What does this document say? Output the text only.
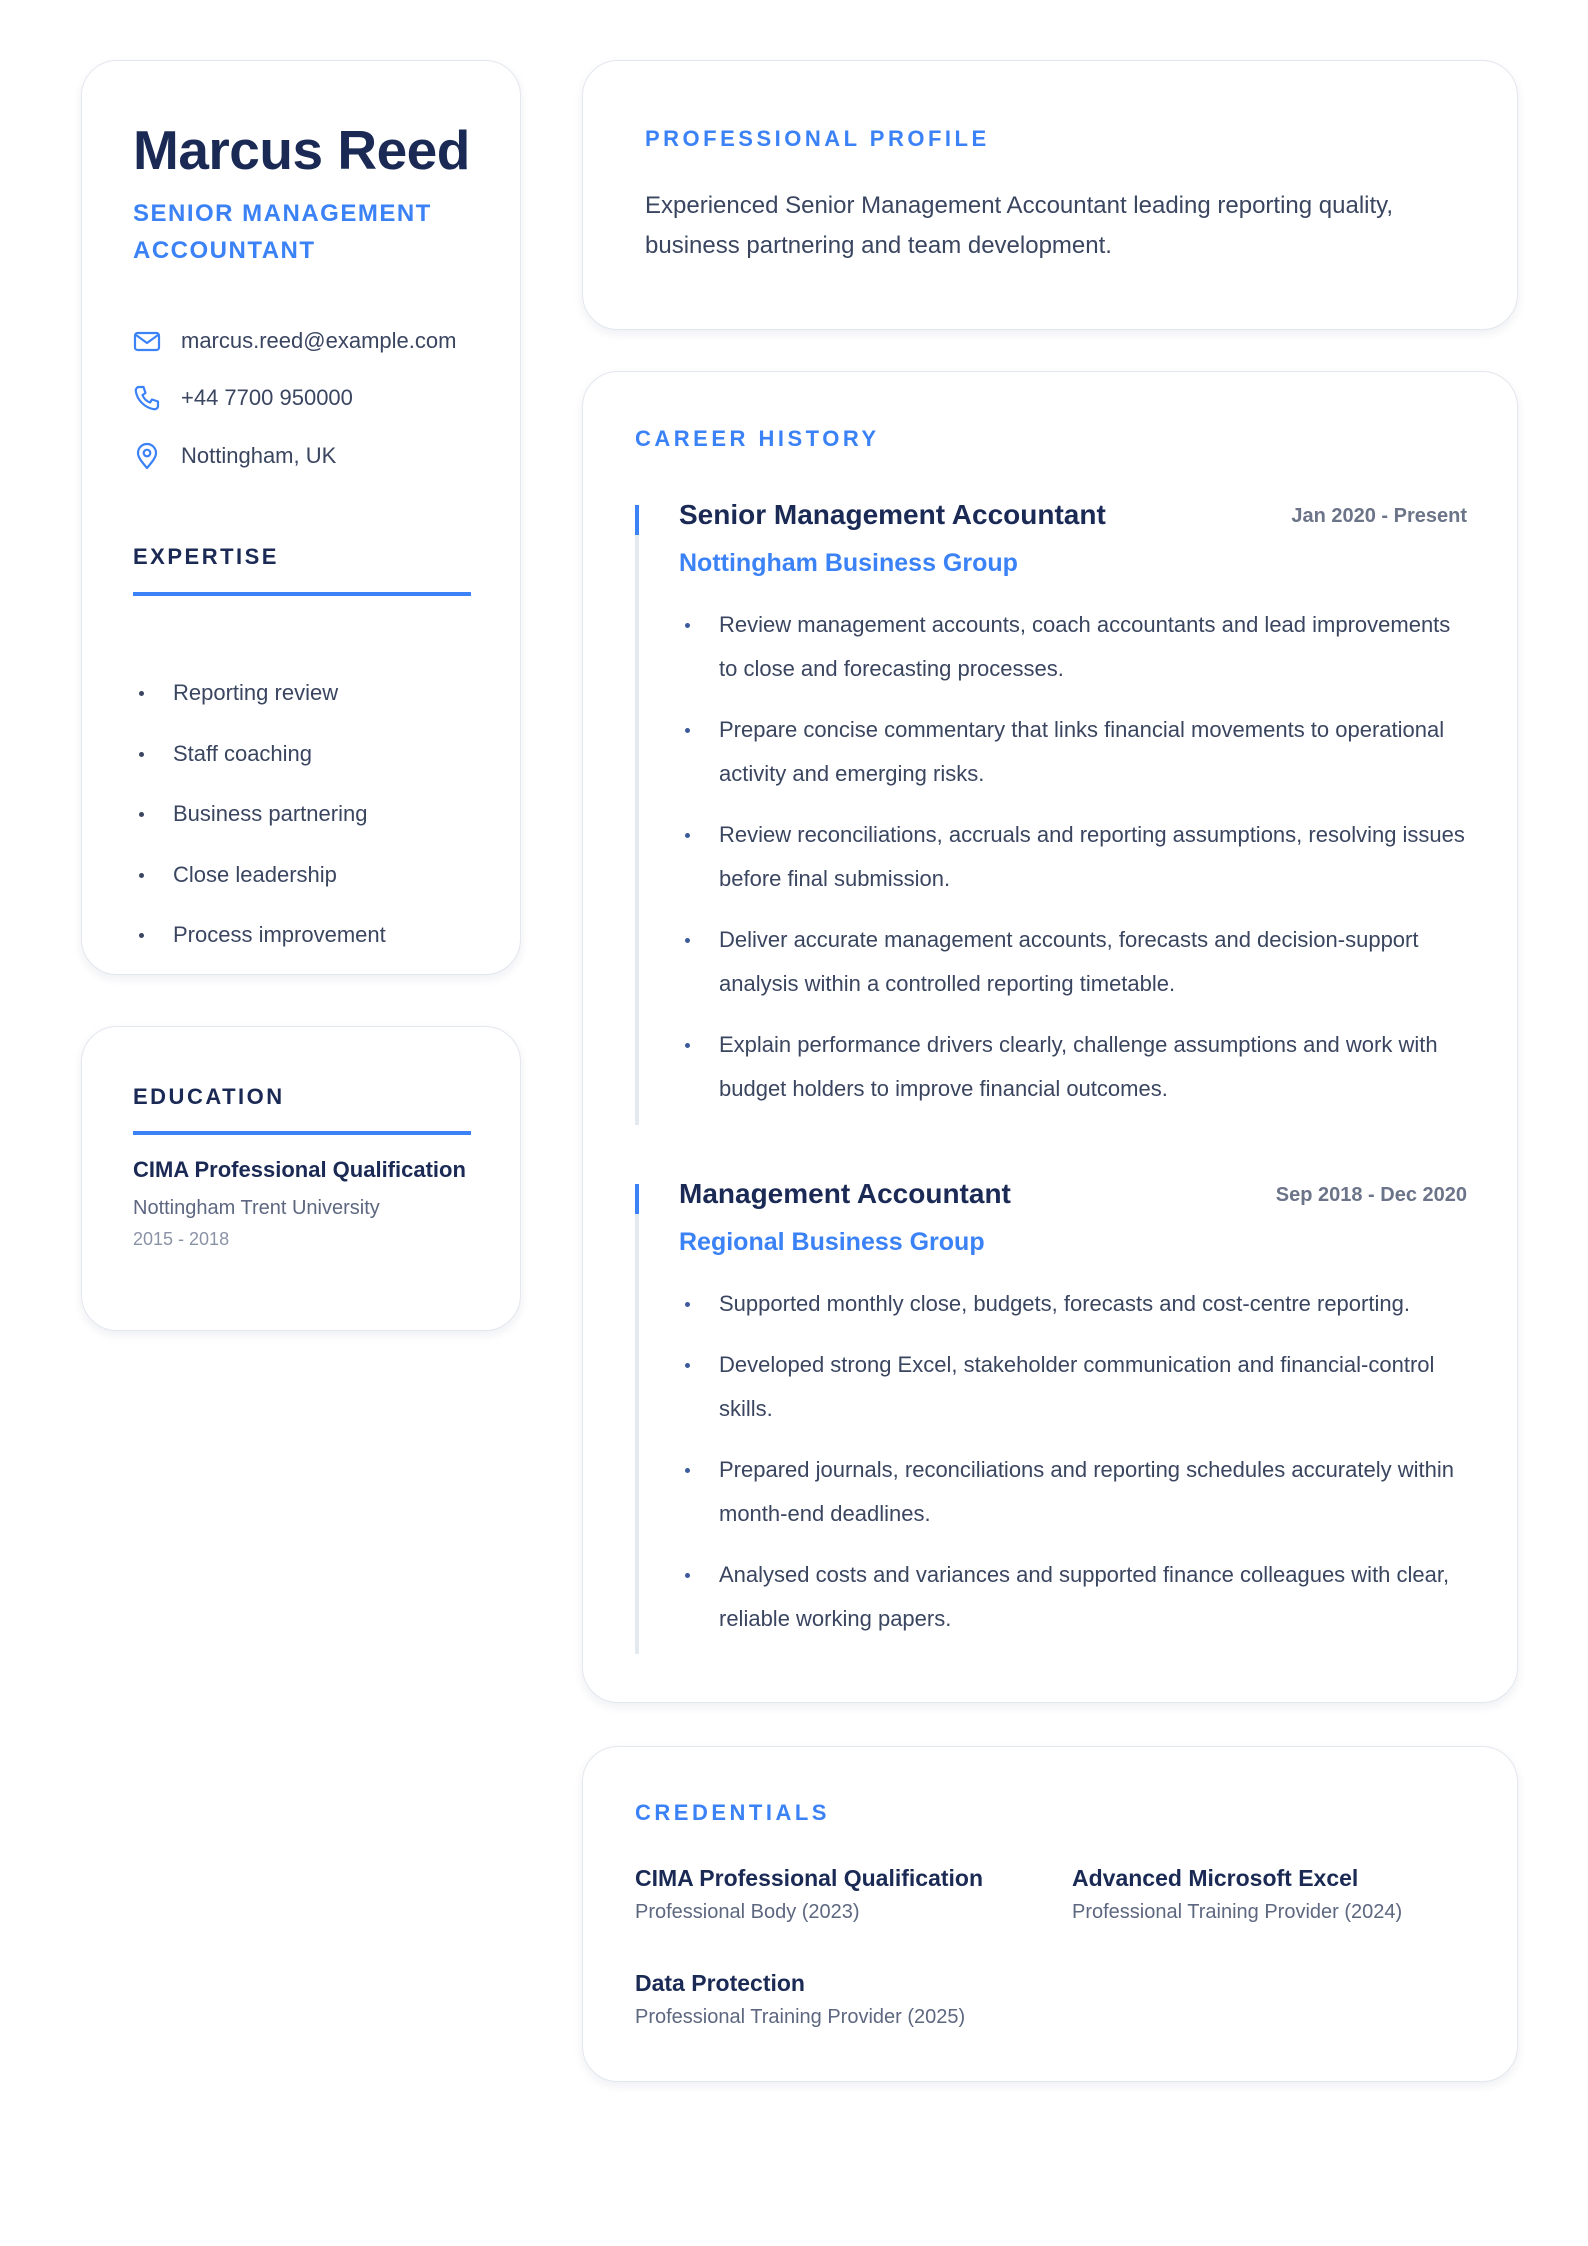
Marcus Reed
SENIOR MANAGEMENT ACCOUNTANT
marcus.reed@example.com
+44 7700 950000
Nottingham, UK
EXPERTISE
Reporting review
Staff coaching
Business partnering
Close leadership
Process improvement
EDUCATION
CIMA Professional Qualification
Nottingham Trent University
2015 - 2018
PROFESSIONAL PROFILE
Experienced Senior Management Accountant leading reporting quality, business partnering and team development.
CAREER HISTORY
Senior Management Accountant	Jan 2020 - Present
Nottingham Business Group
Review management accounts, coach accountants and lead improvements to close and forecasting processes.
Prepare concise commentary that links financial movements to operational activity and emerging risks.
Review reconciliations, accruals and reporting assumptions, resolving issues before final submission.
Deliver accurate management accounts, forecasts and decision-support analysis within a controlled reporting timetable.
Explain performance drivers clearly, challenge assumptions and work with budget holders to improve financial outcomes.
Management Accountant	Sep 2018 - Dec 2020
Regional Business Group
Supported monthly close, budgets, forecasts and cost-centre reporting.
Developed strong Excel, stakeholder communication and financial-control skills.
Prepared journals, reconciliations and reporting schedules accurately within month-end deadlines.
Analysed costs and variances and supported finance colleagues with clear, reliable working papers.
CREDENTIALS
CIMA Professional Qualification
Professional Body (2023)
Advanced Microsoft Excel
Professional Training Provider (2024)
Data Protection
Professional Training Provider (2025)
